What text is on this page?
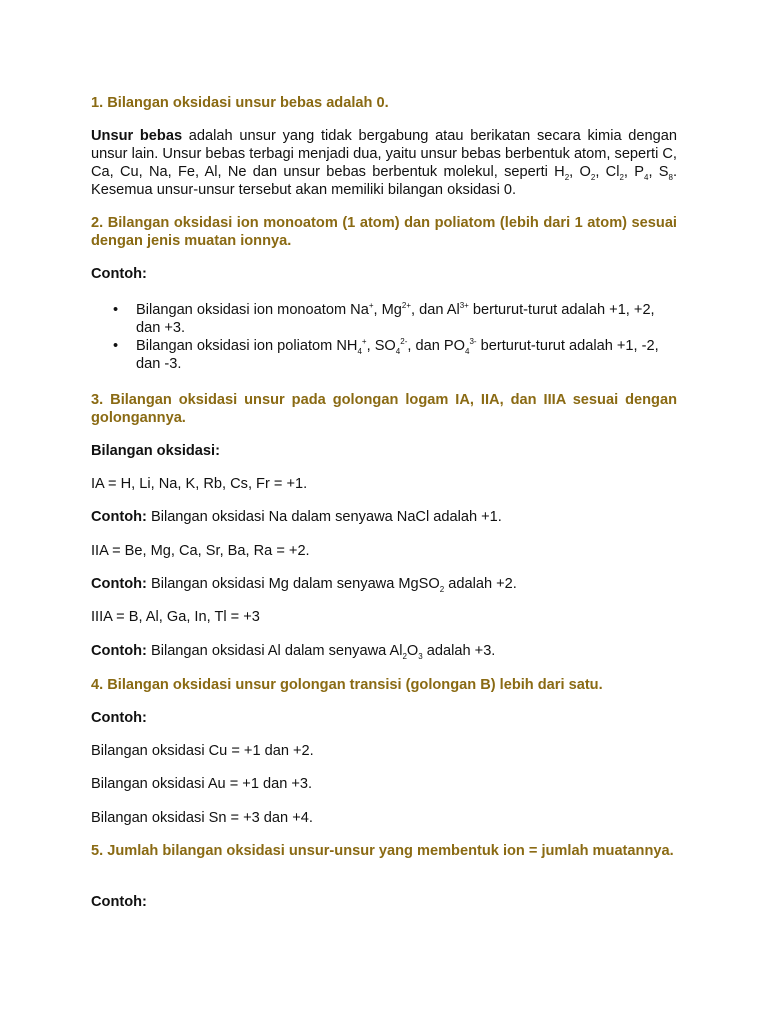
1. Bilangan oksidasi unsur bebas adalah 0.

Unsur bebas adalah unsur yang tidak bergabung atau berikatan secara kimia dengan unsur lain. Unsur bebas terbagi menjadi dua, yaitu unsur bebas berbentuk atom, seperti C, Ca, Cu, Na, Fe, Al, Ne dan unsur bebas berbentuk molekul, seperti $H_2$, $O_2$, $Cl_2$, $P_4$, $S_8$. Kesemua unsur-unsur tersebut akan memiliki bilangan oksidasi 0.

2. Bilangan oksidasi ion monoatom (1 atom) dan poliatom (lebih dari 1 atom) sesuai dengan jenis muatan ionnya.

Contoh:

• Bilangan oksidasi ion monoatom Na+, $Mg^{2+}$, dan $Al^{3+}$ berturut-turut adalah +1, +2, dan +3.
• Bilangan oksidasi ion poliatom $NH_4^+$, $SO_4^{2-}$, dan $PO_4^{3-}$ berturut-turut adalah +1, -2, dan -3.

3. Bilangan oksidasi unsur pada golongan logam IA, IIA, dan IIIA sesuai dengan golongannya.

Bilangan oksidasi:

IA = H, Li, Na, K, Rb, Cs, Fr = +1.

Contoh: Bilangan oksidasi Na dalam senyawa NaCl adalah +1.

IIA = Be, Mg, Ca, Sr, Ba, Ra = +2.

Contoh: Bilangan oksidasi Mg dalam senyawa MgSO$_2$ adalah +2.

IIIA = B, Al, Ga, In, Tl = +3

Contoh: Bilangan oksidasi Al dalam senyawa $Al_2O_3$ adalah +3.

4. Bilangan oksidasi unsur golongan transisi (golongan B) lebih dari satu.

Contoh:

Bilangan oksidasi Cu = +1 dan +2.

Bilangan oksidasi Au = +1 dan +3.

Bilangan oksidasi Sn = +3 dan +4.

5. Jumlah bilangan oksidasi unsur-unsur yang membentuk ion = jumlah muatannya.

Contoh:
